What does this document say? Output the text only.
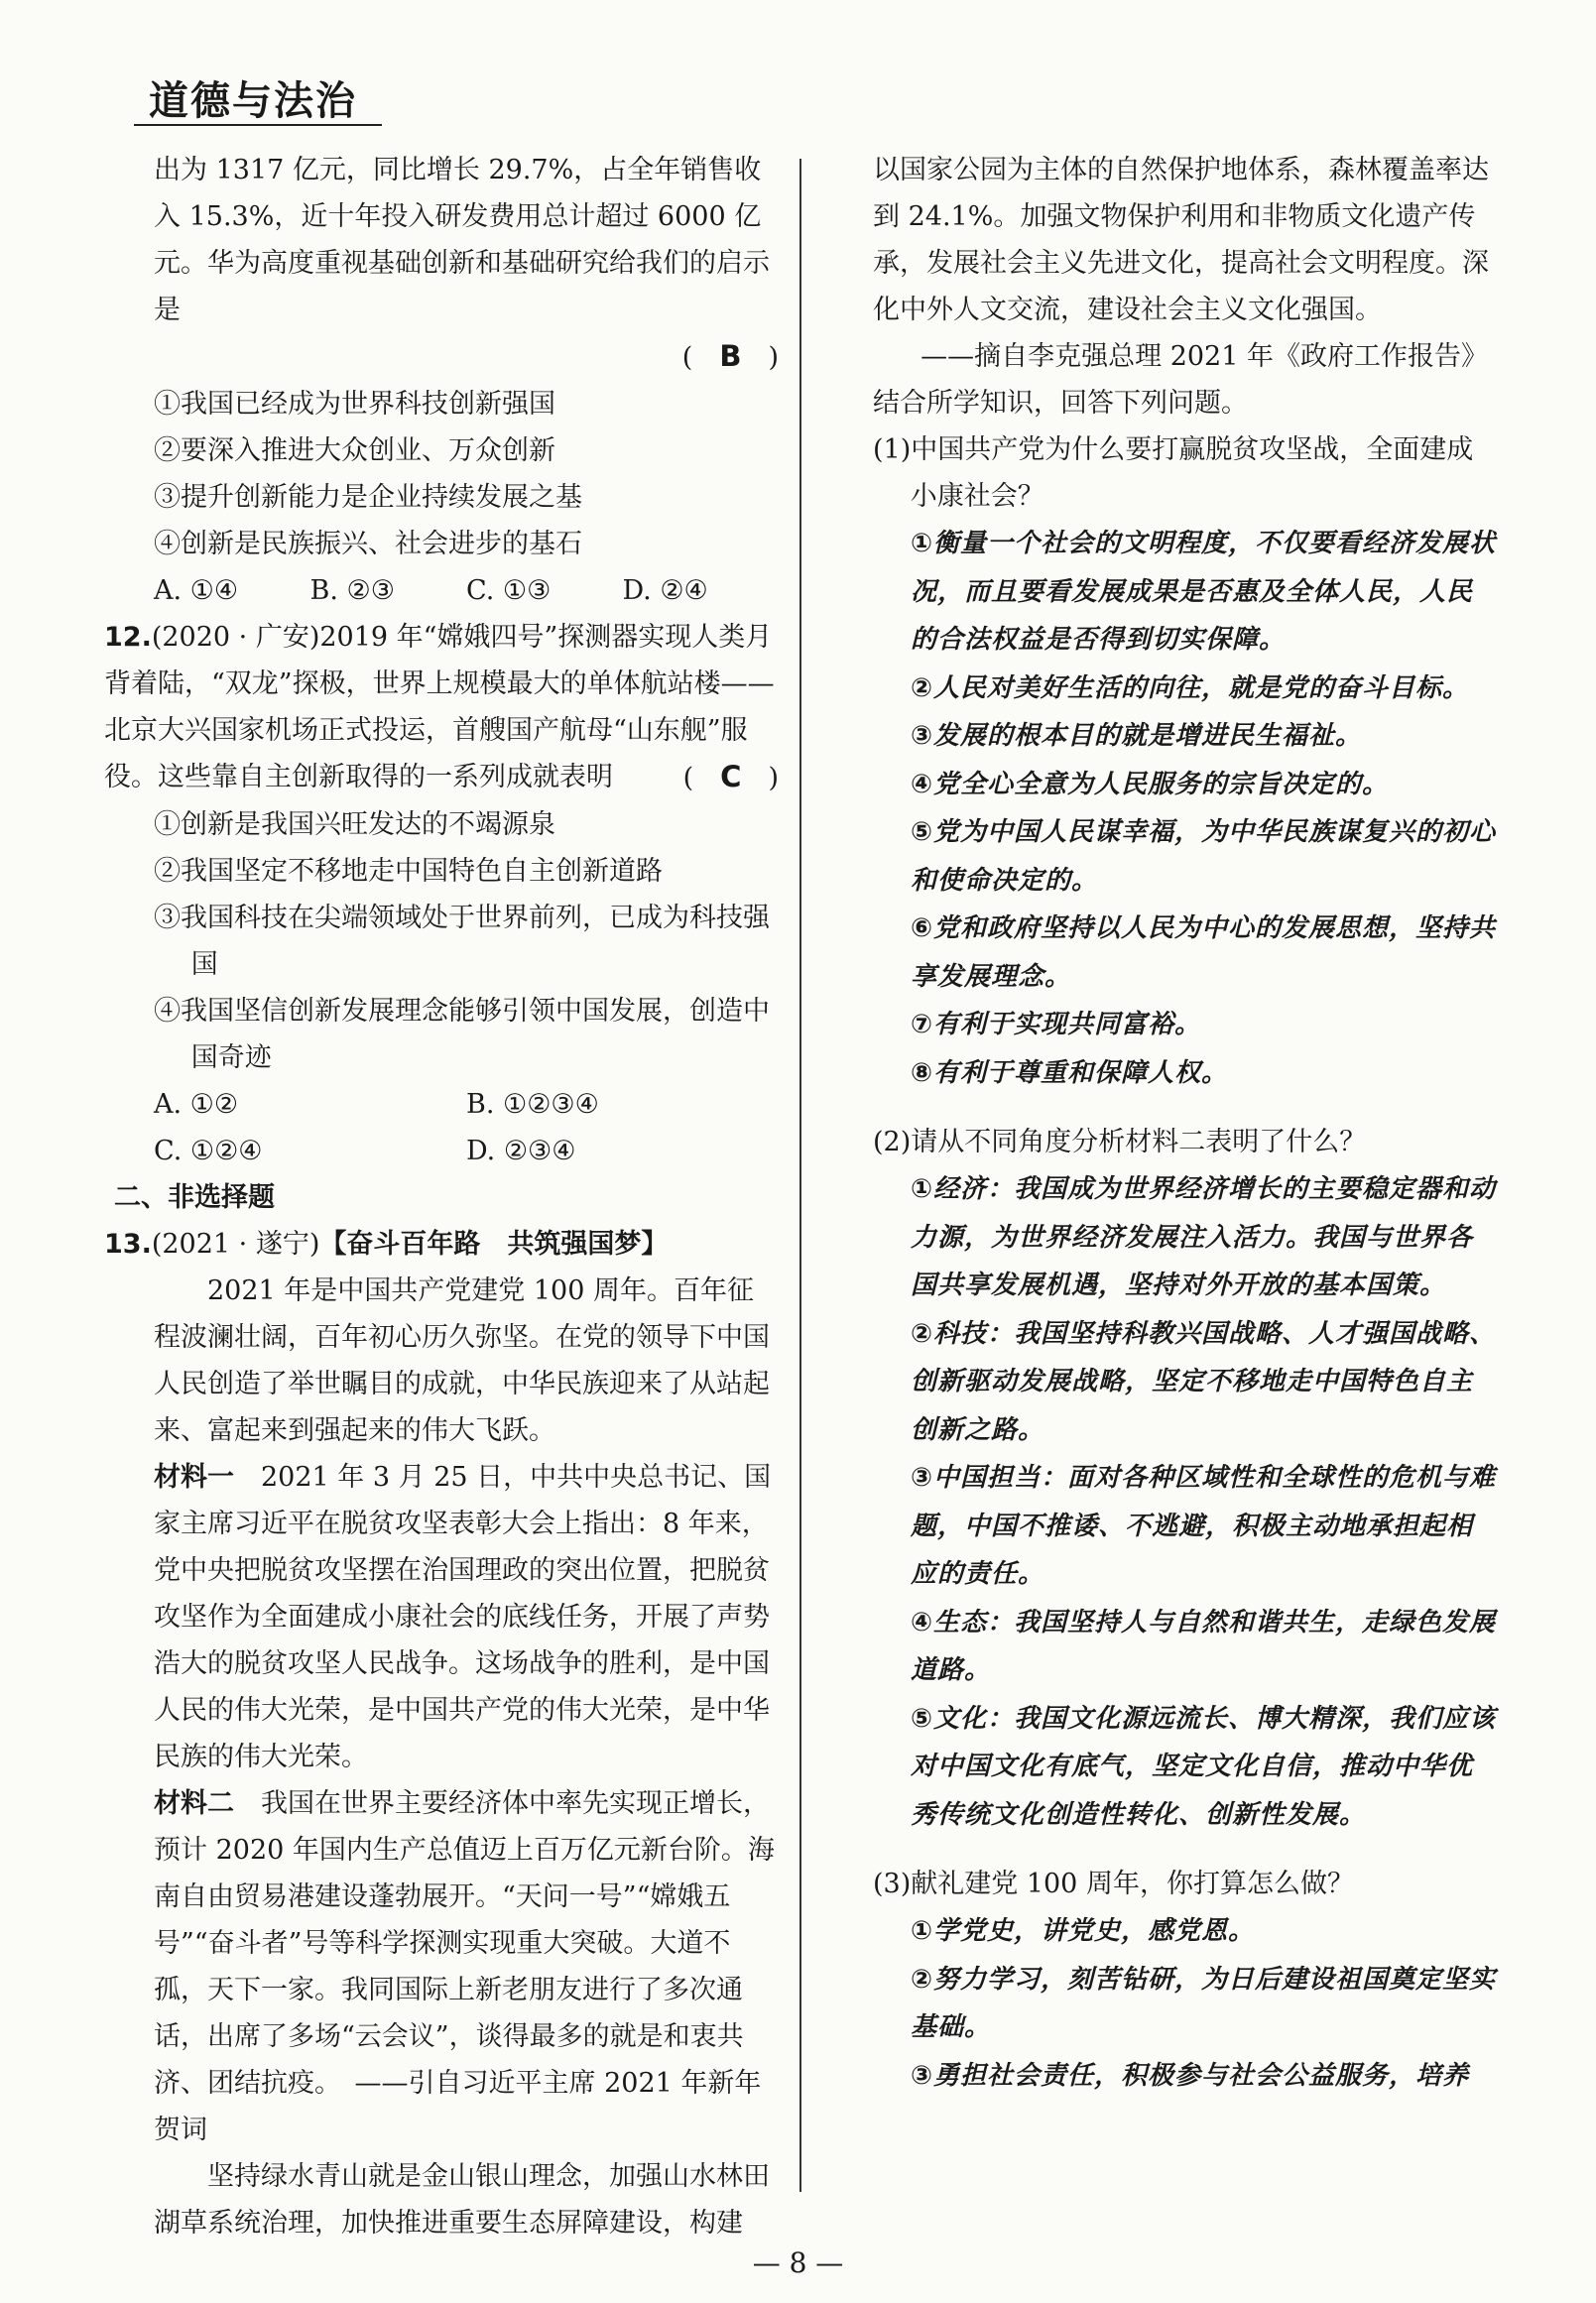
道德与法治

出为 1317 亿元，同比增长 29.7%，占全年销售收入 15.3%，近十年投入研发费用总计超过 6000 亿元。华为高度重视基础创新和基础研究给我们的启示是

(　B　)

①我国已经成为世界科技创新强国

②要深入推进大众创业、万众创新

③提升创新能力是企业持续发展之基

④创新是民族振兴、社会进步的基石

A. ①④	B. ②③	C. ①③	D. ②④

12.(2020 · 广安)2019 年“嫦娥四号”探测器实现人类月背着陆，“双龙”探极，世界上规模最大的单体航站楼——北京大兴国家机场正式投运，首艘国产航母“山东舰”服役。这些靠自主创新取得的一系列成就表明	(　C　)

①创新是我国兴旺发达的不竭源泉

②我国坚定不移地走中国特色自主创新道路

③我国科技在尖端领域处于世界前列，已成为科技强国

④我国坚信创新发展理念能够引领中国发展，创造中国奇迹

A. ①②	B. ①②③④
C. ①②④	D. ②③④

二、非选择题

13.(2021 · 遂宁)【奋斗百年路　共筑强国梦】

2021 年是中国共产党建党 100 周年。百年征程波澜壮阔，百年初心历久弥坚。在党的领导下中国人民创造了举世瞩目的成就，中华民族迎来了从站起来、富起来到强起来的伟大飞跃。

材料一　2021 年 3 月 25 日，中共中央总书记、国家主席习近平在脱贫攻坚表彰大会上指出：8 年来，党中央把脱贫攻坚摆在治国理政的突出位置，把脱贫攻坚作为全面建成小康社会的底线任务，开展了声势浩大的脱贫攻坚人民战争。这场战争的胜利，是中国人民的伟大光荣，是中国共产党的伟大光荣，是中华民族的伟大光荣。

材料二　我国在世界主要经济体中率先实现正增长，预计 2020 年国内生产总值迈上百万亿元新台阶。海南自由贸易港建设蓬勃展开。“天问一号”“嫦娥五号”“奋斗者”号等科学探测实现重大突破。大道不孤，天下一家。我同国际上新老朋友进行了多次通话，出席了多场“云会议”，谈得最多的就是和衷共济、团结抗疫。　——引自习近平主席 2021 年新年贺词

坚持绿水青山就是金山银山理念，加强山水林田湖草系统治理，加快推进重要生态屏障建设，构建

以国家公园为主体的自然保护地体系，森林覆盖率达到 24.1%。加强文物保护利用和非物质文化遗产传承，发展社会主义先进文化，提高社会文明程度。深化中外人文交流，建设社会主义文化强国。

——摘自李克强总理 2021 年《政府工作报告》

结合所学知识，回答下列问题。

(1)中国共产党为什么要打赢脱贫攻坚战，全面建成小康社会？

①衡量一个社会的文明程度，不仅要看经济发展状况，而且要看发展成果是否惠及全体人民，人民的合法权益是否得到切实保障。

②人民对美好生活的向往，就是党的奋斗目标。

③发展的根本目的就是增进民生福祉。

④党全心全意为人民服务的宗旨决定的。

⑤党为中国人民谋幸福，为中华民族谋复兴的初心和使命决定的。

⑥党和政府坚持以人民为中心的发展思想，坚持共享发展理念。

⑦有利于实现共同富裕。

⑧有利于尊重和保障人权。

(2)请从不同角度分析材料二表明了什么？

①经济：我国成为世界经济增长的主要稳定器和动力源，为世界经济发展注入活力。我国与世界各国共享发展机遇，坚持对外开放的基本国策。

②科技：我国坚持科教兴国战略、人才强国战略、创新驱动发展战略，坚定不移地走中国特色自主创新之路。

③中国担当：面对各种区域性和全球性的危机与难题，中国不推诿、不逃避，积极主动地承担起相应的责任。

④生态：我国坚持人与自然和谐共生，走绿色发展道路。

⑤文化：我国文化源远流长、博大精深，我们应该对中国文化有底气，坚定文化自信，推动中华优秀传统文化创造性转化、创新性发展。

(3)献礼建党 100 周年，你打算怎么做？

①学党史，讲党史，感党恩。

②努力学习，刻苦钻研，为日后建设祖国奠定坚实基础。

③勇担社会责任，积极参与社会公益服务，培养

— 8 —
